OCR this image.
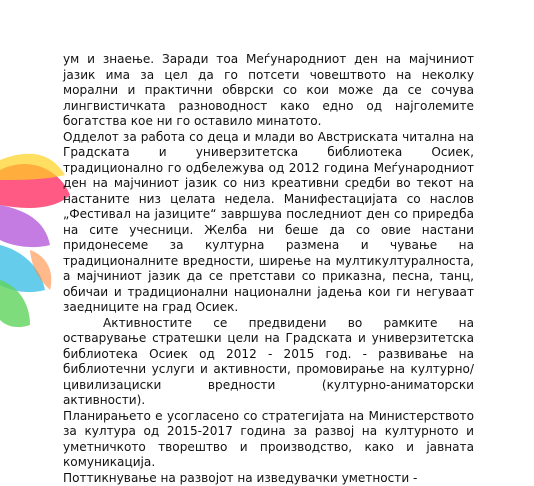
ум и знаење. Заради тоа Меѓународниот ден на мајчиниот јазик има за цел да го потсети човештвото на неколку морални и практични обврски со кои може да се сочува лингвистичката разноводност како едно од најголемите богатства кое ни го оставило минатото.

Одделот за работа со деца и млади во Австриската читална на Градската и универзитетска библиотека Осиек, традиционално го одбележува од 2012 година Меѓународниот ден на мајчиниот јазик со низ креативни средби во текот на настаните низ целата недела. Манифестацијата со наслов „Фестивал на јазиците“ завршува последниот ден со приредба на сите учесници. Желба ни беше да со овие настани придонесеме за културна размена и чување на традиционалните вредности, ширење на мултикултуралноста, а мајчиниот јазик да се претстави со приказна, песна, танц, обичаи и традиционални национални јадења кои ги негуваат заедниците на град Осиек.

Активностите се предвидени во рамките на остварување стратешки цели на Градската и универзитетска библиотека Осиек од 2012 - 2015 год. - развивање на библиотечни услуги и активности, промовирање на културно/цивилизациски вредности (културно-аниматорски активности).

Планирањето е усогласено со стратегијата на Министерството за култура од 2015-2017 година за развој на културното и уметничкото творештво и производство, како и јавната комуникација.

Поттикнување на развојот на изведувачки уметности -
